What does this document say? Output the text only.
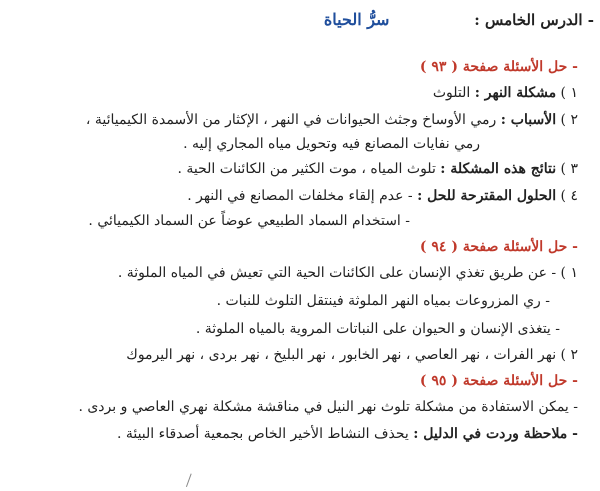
- الدرس الخامس : سرُّ الحياة
- حل الأسئلة صفحة ( ٩٣ )
١ ) مشكلة النهر : التلوث
٢ ) الأسباب : رمي الأوساخ وجثث الحيوانات في النهر ، الإكثار من الأسمدة الكيميائية ،
رمي نفايات المصانع فيه وتحويل مياه المجاري إليه .
٣ ) نتائج هذه المشكلة : تلوث المياه ، موت الكثير من الكائنات الحية .
٤ ) الحلول المقترحة للحل : - عدم إلقاء مخلفات المصانع في النهر .
- استخدام السماد الطبيعي عوضاً عن السماد الكيميائي .
- حل الأسئلة صفحة ( ٩٤ )
١ ) - عن طريق تغذي الإنسان على الكائنات الحية التي تعيش في المياه الملوثة .
- ري المزروعات بمياه النهر الملوثة فينتقل التلوث للنبات .
- يتغذى الإنسان و الحيوان على النباتات المروية بالمياه الملوثة .
٢ ) نهر الفرات ، نهر العاصي ، نهر الخابور ، نهر البليخ ، نهر بردى ، نهر اليرموك
- حل الأسئلة صفحة ( ٩٥ )
- يمكن الاستفادة من مشكلة تلوث نهر النيل في مناقشة مشكلة نهري العاصي و بردى .
- ملاحظة وردت في الدليل : يحذف النشاط الأخير الخاص بجمعية أصدقاء البيئة .
